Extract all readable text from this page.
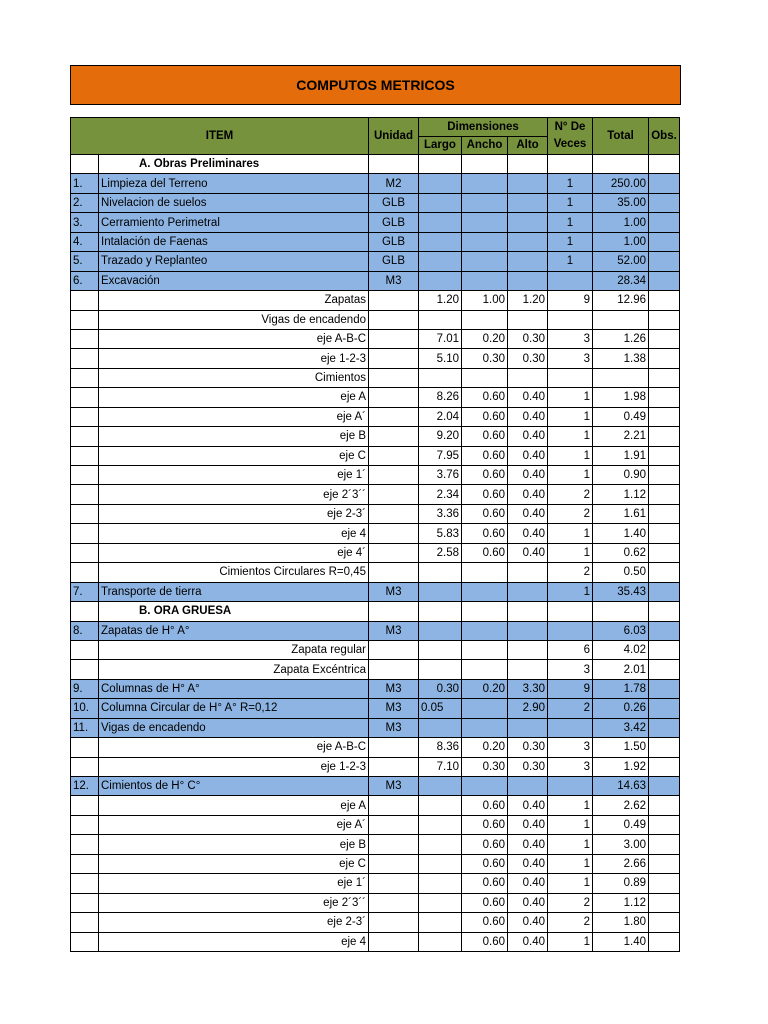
COMPUTOS METRICOS
ITEM		Unidad	Dimensiones			N° De Veces	Total	Obs.
			Largo	Ancho	Alto			
	A. Obras Preliminares							
1.	Limpieza del Terreno	M2				1	250.00	
2.	Nivelacion de suelos	GLB				1	35.00	
3.	Cerramiento Perimetral	GLB				1	1.00	
4.	Intalación de Faenas	GLB				1	1.00	
5.	Trazado y Replanteo	GLB				1	52.00	
6.	Excavación	M3					28.34	
	Zapatas		1.20	1.00	1.20	9	12.96	
	Vigas de encadendo							
	eje A-B-C		7.01	0.20	0.30	3	1.26	
	eje 1-2-3		5.10	0.30	0.30	3	1.38	
	Cimientos							
	eje A		8.26	0.60	0.40	1	1.98	
	eje A´		2.04	0.60	0.40	1	0.49	
	eje B		9.20	0.60	0.40	1	2.21	
	eje C		7.95	0.60	0.40	1	1.91	
	eje 1´		3.76	0.60	0.40	1	0.90	
	eje 2´3´´		2.34	0.60	0.40	2	1.12	
	eje 2-3´		3.36	0.60	0.40	2	1.61	
	eje 4		5.83	0.60	0.40	1	1.40	
	eje 4´		2.58	0.60	0.40	1	0.62	
	Cimientos Circulares R=0,45					2	0.50	
7.	Transporte de tierra	M3				1	35.43	
	B. ORA GRUESA							
8.	Zapatas de H° A°	M3					6.03	
	Zapata regular					6	4.02	
	Zapata Excéntrica					3	2.01	
9.	Columnas de H° A°	M3	0.30	0.20	3.30	9	1.78	
10.	Columna Circular de H° A° R=0,12	M3	0.05		2.90	2	0.26	
11.	Vigas de encadendo	M3					3.42	
	eje A-B-C		8.36	0.20	0.30	3	1.50	
	eje 1-2-3		7.10	0.30	0.30	3	1.92	
12.	Cimientos de H° C°	M3					14.63	
	eje A			0.60	0.40	1	2.62	
	eje A´			0.60	0.40	1	0.49	
	eje B			0.60	0.40	1	3.00	
	eje C			0.60	0.40	1	2.66	
	eje 1´			0.60	0.40	1	0.89	
	eje 2´3´´			0.60	0.40	2	1.12	
	eje 2-3´			0.60	0.40	2	1.80	
	eje 4			0.60	0.40	1	1.40	
